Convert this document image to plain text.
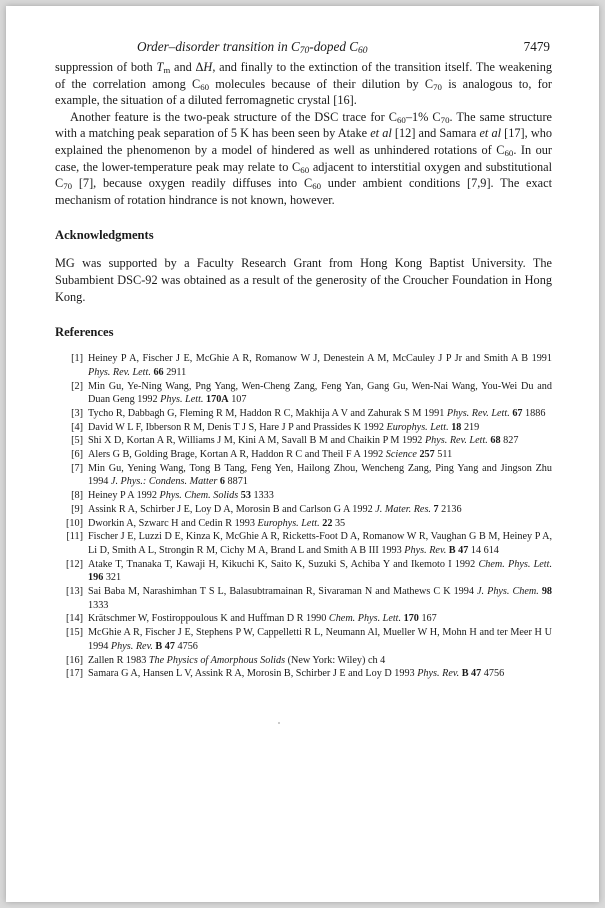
Order–disorder transition in $C_{70}$-doped $C_{60}$	7479

suppression of both $T_m$ and ΔH, and finally to the extinction of the transition itself. The weakening of the correlation among $C_{60}$ molecules because of their dilution by $C_{70}$ is analogous to, for example, the situation of a diluted ferromagnetic crystal [16].

Another feature is the two-peak structure of the DSC trace for $C_{60}-1\%$ $C_{70}$. The same structure with a matching peak separation of 5 K has been seen by Atake et al [12] and Samara et al [17], who explained the phenomenon by a model of hindered as well as unhindered rotations of $C_{60}$. In our case, the lower-temperature peak may relate to $C_{60}$ adjacent to interstitial oxygen and substitutional $C_{70}$ [7], because oxygen readily diffuses into $C_{60}$ under ambient conditions [7,9]. The exact mechanism of rotation hindrance is not known, however.

Acknowledgments

MG was supported by a Faculty Research Grant from Hong Kong Baptist University. The Subambient DSC-92 was obtained as a result of the generosity of the Croucher Foundation in Hong Kong.

References
[1] Heiney P A, Fischer J E, McGhie A R, Romanow W J, Denestein A M, McCauley J P Jr and Smith A B 1991 Phys. Rev. Lett. 66 2911
[2] Min Gu, Ye-Ning Wang, Png Yang, Wen-Cheng Zang, Feng Yan, Gang Gu, Wen-Nai Wang, You-Wei Du and Duan Geng 1992 Phys. Lett. 170A 107
[3] Tycho R, Dabbagh G, Fleming R M, Haddon R C, Makhija A V and Zahurak S M 1991 Phys. Rev. Lett. 67 1886
[4] David W L F, Ibberson R M, Denis T J S, Hare J P and Prassides K 1992 Europhys. Lett. 18 219
[5] Shi X D, Kortan A R, Williams J M, Kini A M, Savall B M and Chaikin P M 1992 Phys. Rev. Lett. 68 827
[6] Alers G B, Golding Brage, Kortan A R, Haddon R C and Theil F A 1992 Science 257 511
[7] Min Gu, Yening Wang, Tong B Tang, Feng Yen, Hailong Zhou, Wencheng Zang, Ping Yang and Jingson Zhu 1994 J. Phys.: Condens. Matter 6 8871
[8] Heiney P A 1992 Phys. Chem. Solids 53 1333
[9] Assink R A, Schirber J E, Loy D A, Morosin B and Carlson G A 1992 J. Mater. Res. 7 2136
[10] Dworkin A, Szwarc H and Cedin R 1993 Europhys. Lett. 22 35
[11] Fischer J E, Luzzi D E, Kinza K, McGhie A R, Ricketts-Foot D A, Romanow W R, Vaughan G B M, Heiney P A, Li D, Smith A L, Strongin R M, Cichy M A, Brand L and Smith A B III 1993 Phys. Rev. B 47 14 614
[12] Atake T, Tnanaka T, Kawaji H, Kikuchi K, Saito K, Suzuki S, Achiba Y and Ikemoto I 1992 Chem. Phys. Lett. 196 321
[13] Sai Baba M, Narashimhan T S L, Balasubtramainan R, Sivaraman N and Mathews C K 1994 J. Phys. Chem. 98 1333
[14] Krätschmer W, Fostiroppoulous K and Huffman D R 1990 Chem. Phys. Lett. 170 167
[15] McGhie A R, Fischer J E, Stephens P W, Cappelletti R L, Neumann Al, Mueller W H, Mohn H and ter Meer H U 1994 Phys. Rev. B 47 4756
[16] Zallen R 1983 The Physics of Amorphous Solids (New York: Wiley) ch 4
[17] Samara G A, Hansen L V, Assink R A, Morosin B, Schirber J E and Loy D 1993 Phys. Rev. B 47 4756
